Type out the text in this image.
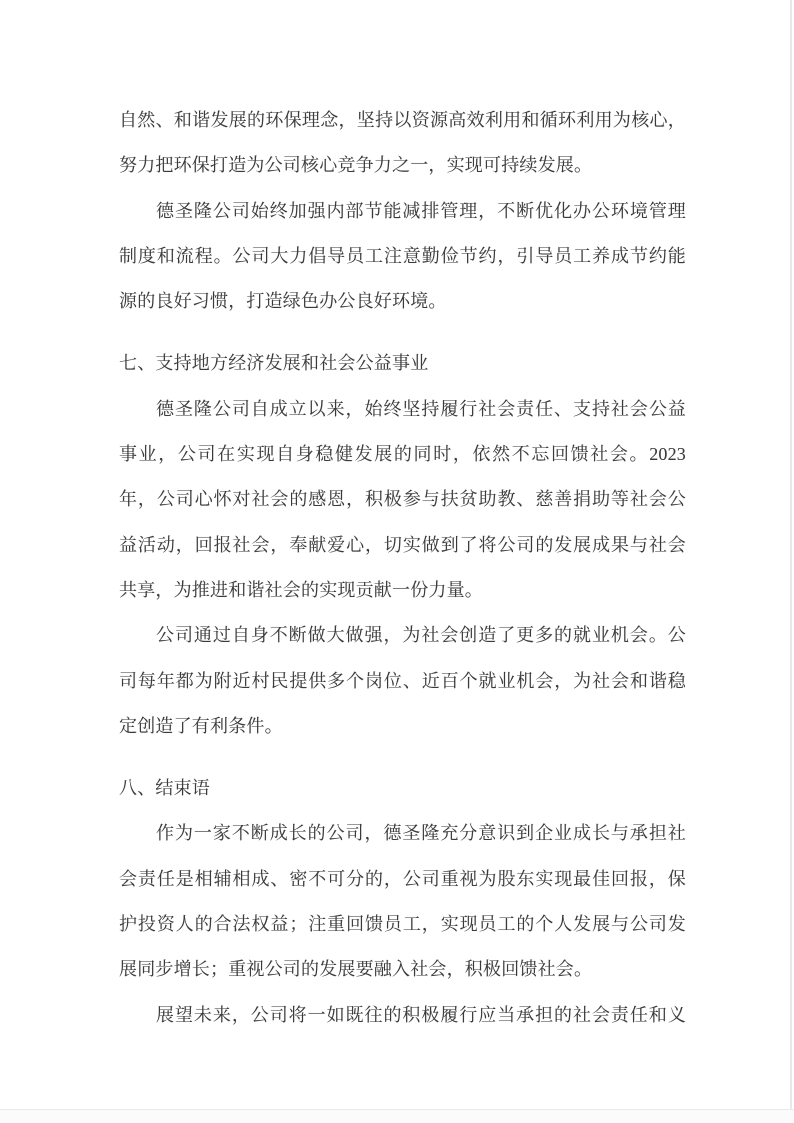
自然、和谐发展的环保理念，坚持以资源高效利用和循环利用为核心，
努力把环保打造为公司核心竞争力之一，实现可持续发展。
德圣隆公司始终加强内部节能减排管理，不断优化办公环境管理
制度和流程。公司大力倡导员工注意勤俭节约，引导员工养成节约能
源的良好习惯，打造绿色办公良好环境。
七、支持地方经济发展和社会公益事业
德圣隆公司自成立以来，始终坚持履行社会责任、支持社会公益
事业，公司在实现自身稳健发展的同时，依然不忘回馈社会。2023
年，公司心怀对社会的感恩，积极参与扶贫助教、慈善捐助等社会公
益活动，回报社会，奉献爱心，切实做到了将公司的发展成果与社会
共享，为推进和谐社会的实现贡献一份力量。
公司通过自身不断做大做强，为社会创造了更多的就业机会。公
司每年都为附近村民提供多个岗位、近百个就业机会，为社会和谐稳
定创造了有利条件。
八、结束语
作为一家不断成长的公司，德圣隆充分意识到企业成长与承担社
会责任是相辅相成、密不可分的，公司重视为股东实现最佳回报，保
护投资人的合法权益；注重回馈员工，实现员工的个人发展与公司发
展同步增长；重视公司的发展要融入社会，积极回馈社会。
展望未来，公司将一如既往的积极履行应当承担的社会责任和义
